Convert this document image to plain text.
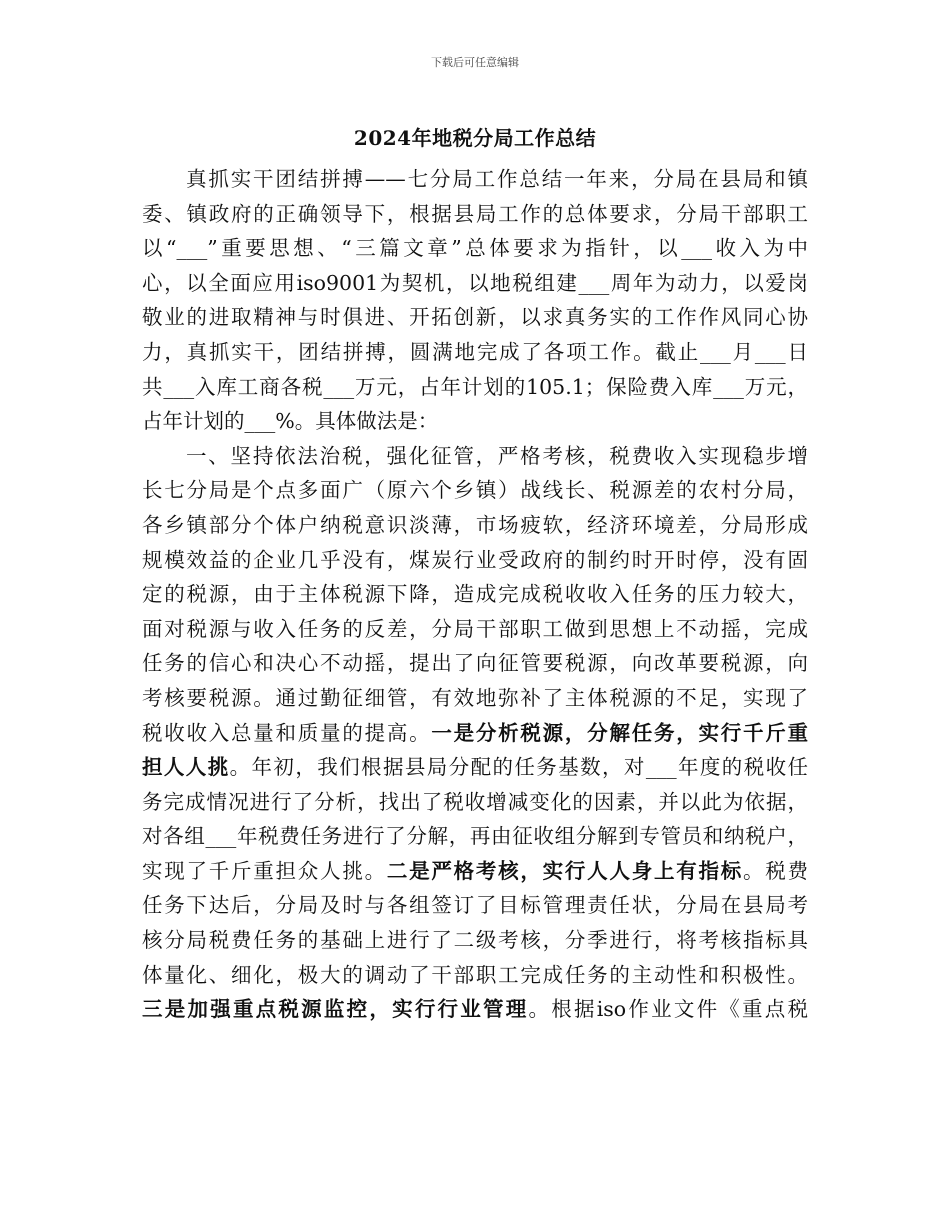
下载后可任意编辑
2024年地税分局工作总结
真抓实干团结拼搏——七分局工作总结一年来，分局在县局和镇
委、镇政府的正确领导下，根据县局工作的总体要求，分局干部职工
以“___”重要思想、“三篇文章”总体要求为指针，以___收入为中
心，以全面应用iso9001为契机，以地税组建___周年为动力，以爱岗
敬业的进取精神与时俱进、开拓创新，以求真务实的工作作风同心协
力，真抓实干，团结拼搏，圆满地完成了各项工作。截止___月___日
共___入库工商各税___万元，占年计划的105.1；保险费入库___万元，
占年计划的___%。具体做法是：
一、坚持依法治税，强化征管，严格考核，税费收入实现稳步增
长七分局是个点多面广（原六个乡镇）战线长、税源差的农村分局，
各乡镇部分个体户纳税意识淡薄，市场疲软，经济环境差，分局形成
规模效益的企业几乎没有，煤炭行业受政府的制约时开时停，没有固
定的税源，由于主体税源下降，造成完成税收收入任务的压力较大，
面对税源与收入任务的反差，分局干部职工做到思想上不动摇，完成
任务的信心和决心不动摇，提出了向征管要税源，向改革要税源，向
考核要税源。通过勤征细管，有效地弥补了主体税源的不足，实现了
税收收入总量和质量的提高。一是分析税源，分解任务，实行千斤重
担人人挑。年初，我们根据县局分配的任务基数，对___年度的税收任
务完成情况进行了分析，找出了税收增减变化的因素，并以此为依据，
对各组___年税费任务进行了分解，再由征收组分解到专管员和纳税户，
实现了千斤重担众人挑。二是严格考核，实行人人身上有指标。税费
任务下达后，分局及时与各组签订了目标管理责任状，分局在县局考
核分局税费任务的基础上进行了二级考核，分季进行，将考核指标具
体量化、细化，极大的调动了干部职工完成任务的主动性和积极性。
三是加强重点税源监控，实行行业管理。根据iso作业文件《重点税
